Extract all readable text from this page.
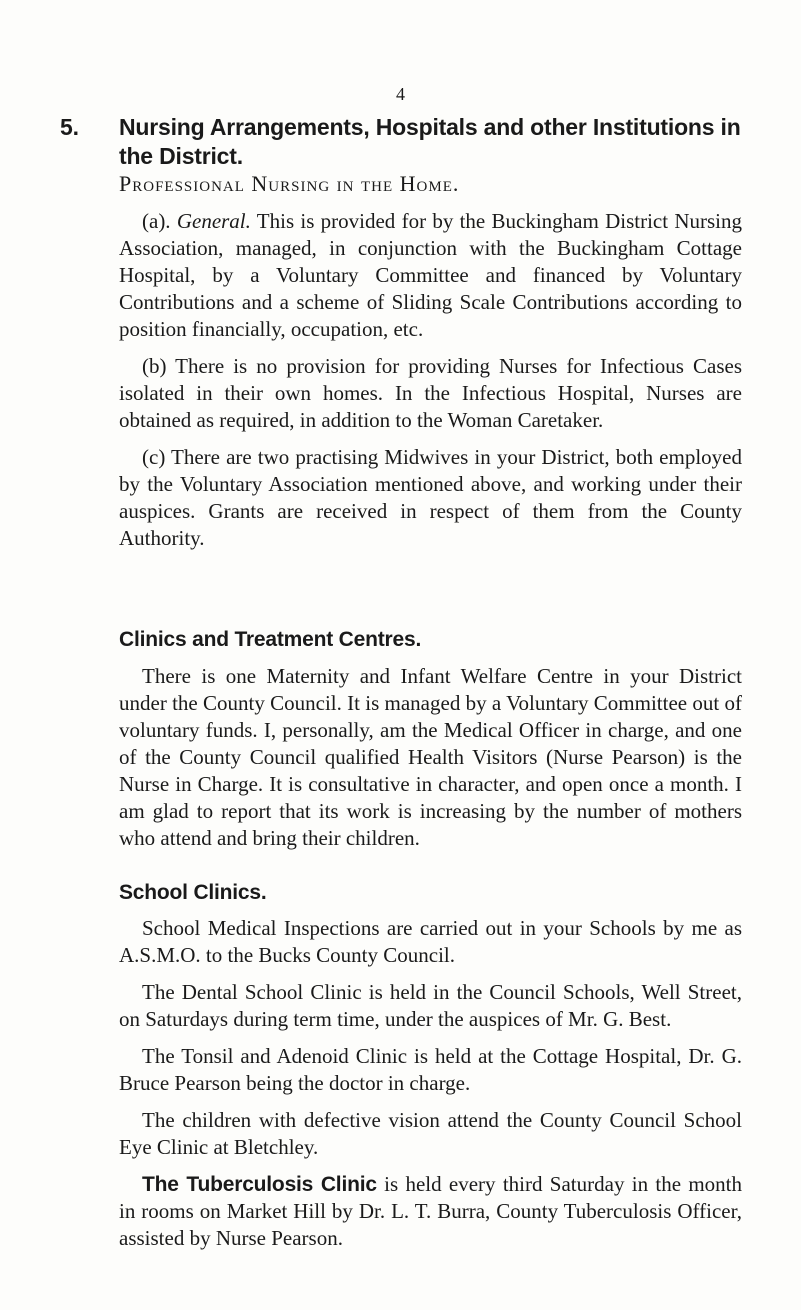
4
5. Nursing Arrangements, Hospitals and other Institutions in the District.
Professional Nursing in the Home.

(a). General. This is provided for by the Buckingham District Nursing Association, managed, in conjunction with the Buckingham Cottage Hospital, by a Voluntary Committee and financed by Voluntary Contributions and a scheme of Sliding Scale Contributions according to position financially, occupation, etc.

(b) There is no provision for providing Nurses for Infectious Cases isolated in their own homes. In the Infectious Hospital, Nurses are obtained as required, in addition to the Woman Caretaker.

(c) There are two practising Midwives in your District, both employed by the Voluntary Association mentioned above, and working under their auspices. Grants are received in respect of them from the County Authority.

Clinics and Treatment Centres.

There is one Maternity and Infant Welfare Centre in your District under the County Council. It is managed by a Voluntary Committee out of voluntary funds. I, personally, am the Medical Officer in charge, and one of the County Council qualified Health Visitors (Nurse Pearson) is the Nurse in Charge. It is consultative in character, and open once a month. I am glad to report that its work is increasing by the number of mothers who attend and bring their children.

School Clinics.

School Medical Inspections are carried out in your Schools by me as A.S.M.O. to the Bucks County Council.

The Dental School Clinic is held in the Council Schools, Well Street, on Saturdays during term time, under the auspices of Mr. G. Best.

The Tonsil and Adenoid Clinic is held at the Cottage Hospital, Dr. G. Bruce Pearson being the doctor in charge.

The children with defective vision attend the County Council School Eye Clinic at Bletchley.

The Tuberculosis Clinic is held every third Saturday in the month in rooms on Market Hill by Dr. L. T. Burra, County Tuberculosis Officer, assisted by Nurse Pearson.
